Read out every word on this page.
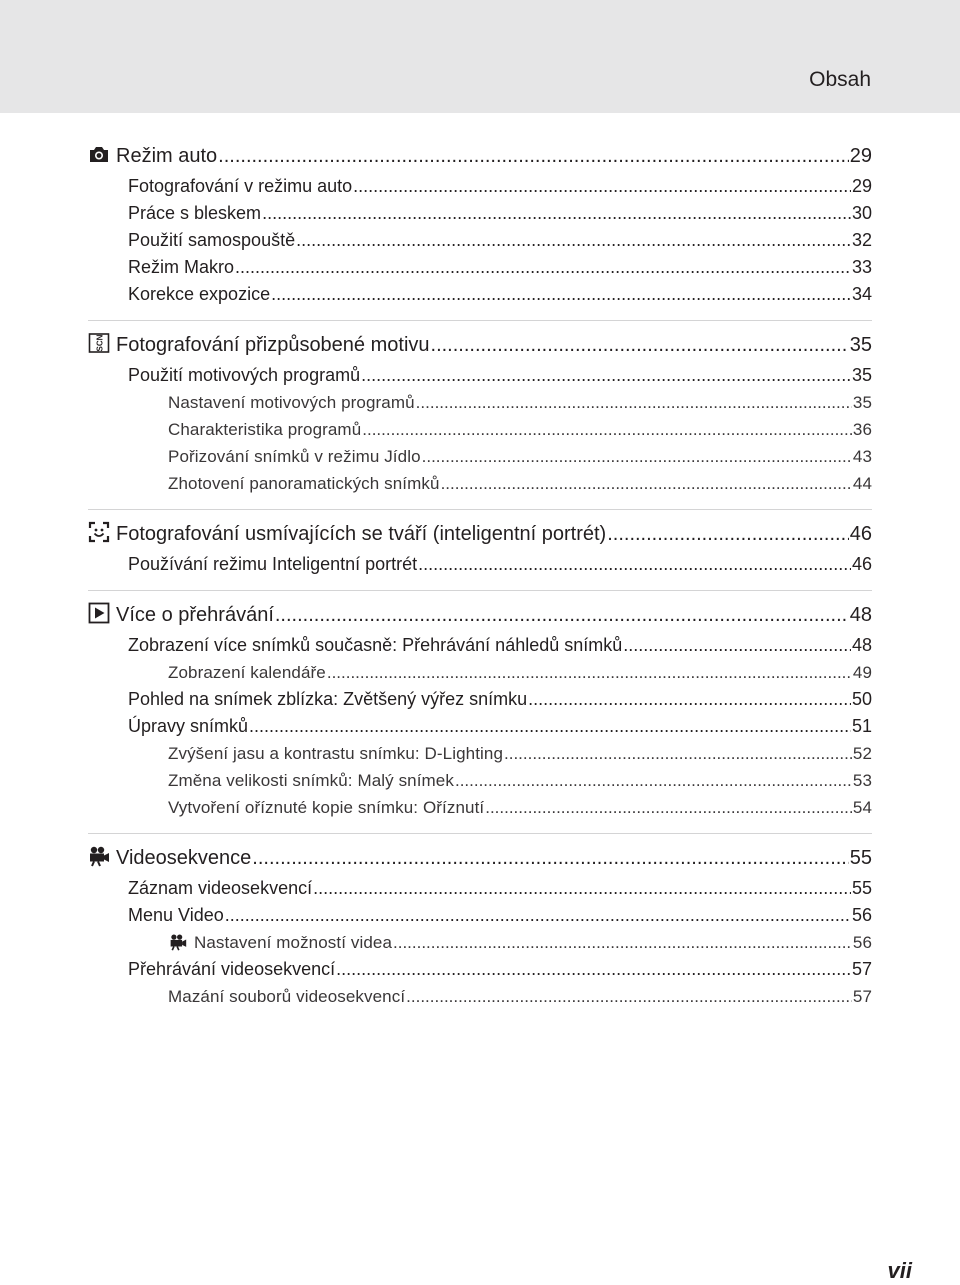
Obsah
Režim auto .....	29
Fotografování v režimu auto .....	29
Práce s bleskem .....	30
Použití samospouště .....	32
Režim Makro .....	33
Korekce expozice .....	34
SCN Fotografování přizpůsobené motivu .....	35
Použití motivových programů .....	35
Nastavení motivových programů .....	35
Charakteristika programů .....	36
Pořizování snímků v režimu Jídlo .....	43
Zhotovení panoramatických snímků .....	44
Fotografování usmívajících se tváří (inteligentní portrét) .....	46
Používání režimu Inteligentní portrét .....	46
Více o přehrávání .....	48
Zobrazení více snímků současně: Přehrávání náhledů snímků .....	48
Zobrazení kalendáře .....	49
Pohled na snímek zblízka: Zvětšený výřez snímku .....	50
Úpravy snímků .....	51
Zvýšení jasu a kontrastu snímku: D-Lighting .....	52
Změna velikosti snímků: Malý snímek .....	53
Vytvoření oříznuté kopie snímku: Oříznutí .....	54
Videosekvence .....	55
Záznam videosekvencí .....	55
Menu Video .....	56
Nastavení možností videa .....	56
Přehrávání videosekvencí .....	57
Mazání souborů videosekvencí .....	57
vii
